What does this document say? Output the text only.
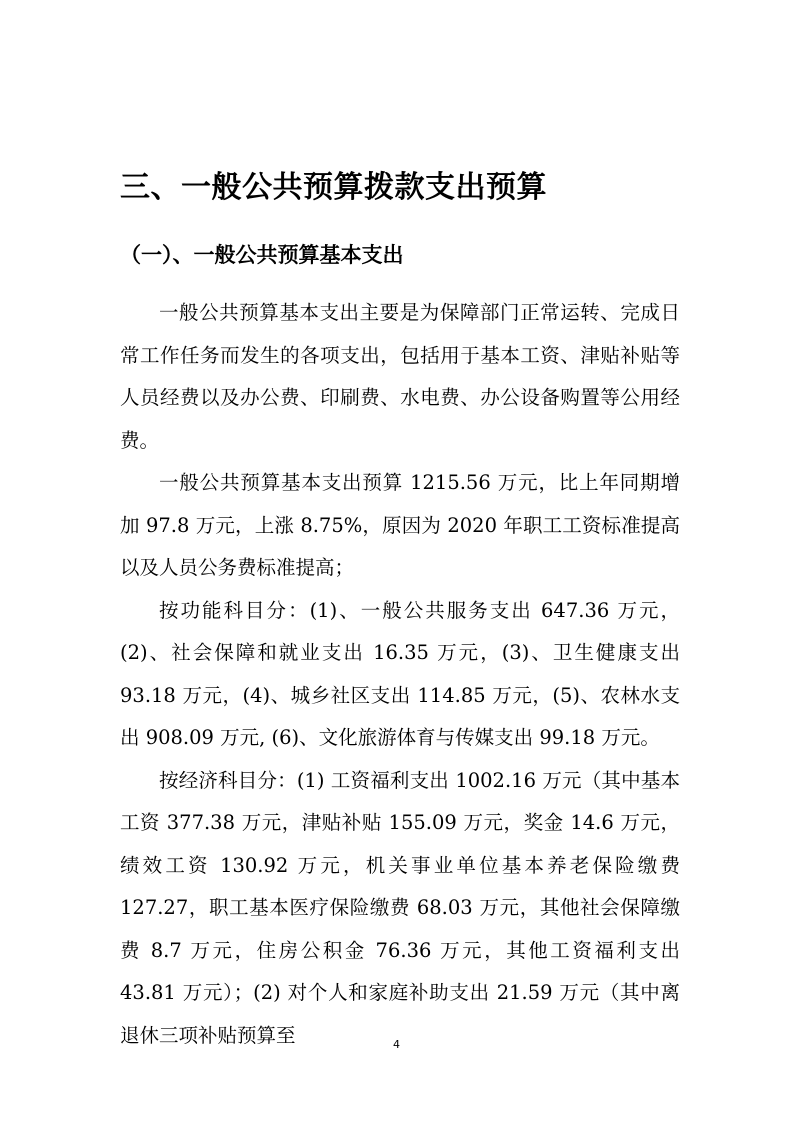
三、一般公共预算拨款支出预算
（一）、一般公共预算基本支出

一般公共预算基本支出主要是为保障部门正常运转、完成日常工作任务而发生的各项支出，包括用于基本工资、津贴补贴等人员经费以及办公费、印刷费、水电费、办公设备购置等公用经费。

一般公共预算基本支出预算 1215.56 万元，比上年同期增加 97.8 万元，上涨 8.75%，原因为 2020 年职工工资标准提高以及人员公务费标准提高；

按功能科目分：(1)、一般公共服务支出 647.36 万元，(2)、社会保障和就业支出 16.35 万元，(3)、卫生健康支出 93.18 万元，(4)、城乡社区支出 114.85 万元，(5)、农林水支出 908.09 万元, (6)、文化旅游体育与传媒支出 99.18 万元。

按经济科目分：(1) 工资福利支出 1002.16 万元（其中基本工资 377.38 万元，津贴补贴 155.09 万元，奖金 14.6 万元，绩效工资 130.92 万元，机关事业单位基本养老保险缴费 127.27，职工基本医疗保险缴费 68.03 万元，其他社会保障缴费 8.7 万元，住房公积金 76.36 万元，其他工资福利支出 43.81 万元）；(2) 对个人和家庭补助支出 21.59 万元（其中离退休三项补贴预算至	4
